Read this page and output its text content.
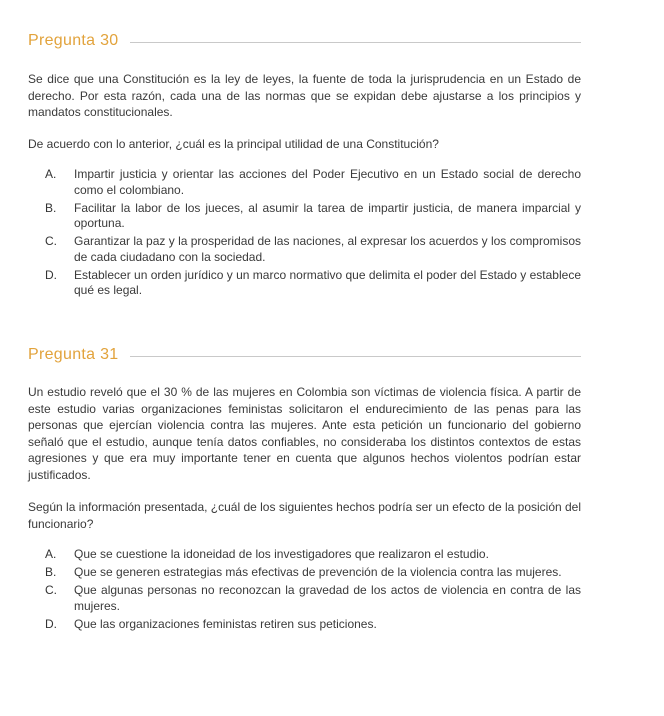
Pregunta 30

Se dice que una Constitución es la ley de leyes, la fuente de toda la jurisprudencia en un Estado de derecho. Por esta razón, cada una de las normas que se expidan debe ajustarse a los principios y mandatos constitucionales.

De acuerdo con lo anterior, ¿cuál es la principal utilidad de una Constitución?

A.	Impartir justicia y orientar las acciones del Poder Ejecutivo en un Estado social de derecho como el colombiano.
B.	Facilitar la labor de los jueces, al asumir la tarea de impartir justicia, de manera imparcial y oportuna.
C.	Garantizar la paz y la prosperidad de las naciones, al expresar los acuerdos y los compromisos de cada ciudadano con la sociedad.
D.	Establecer un orden jurídico y un marco normativo que delimita el poder del Estado y establece qué es legal.
Pregunta 31

Un estudio reveló que el 30 % de las mujeres en Colombia son víctimas de violencia física. A partir de este estudio varias organizaciones feministas solicitaron el endurecimiento de las penas para las personas que ejercían violencia contra las mujeres. Ante esta petición un funcionario del gobierno señaló que el estudio, aunque tenía datos confiables, no consideraba los distintos contextos de estas agresiones y que era muy importante tener en cuenta que algunos hechos violentos podrían estar justificados.

Según la información presentada, ¿cuál de los siguientes hechos podría ser un efecto de la posición del funcionario?

A.	Que se cuestione la idoneidad de los investigadores que realizaron el estudio.
B.	Que se generen estrategias más efectivas de prevención de la violencia contra las mujeres.
C.	Que algunas personas no reconozcan la gravedad de los actos de violencia en contra de las mujeres.
D.	Que las organizaciones feministas retiren sus peticiones.
